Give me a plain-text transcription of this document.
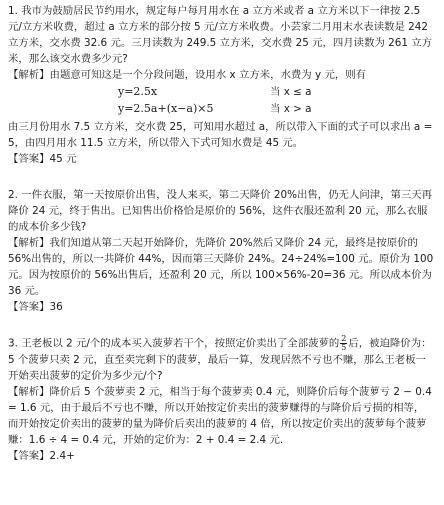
1. 我市为鼓励居民节约用水，规定每户每月用水在 a 立方米或者 a 立方米以下一律按 2.5 元/立方米收费，超过 a 立方米的部分按 5 元/立方米收费。小芸家二月用末水表读数是 242 立方米，交水费 32.6 元。三月读数为 249.5 立方米，交水费 25 元，四月读数为 261 立方米，那么该交水费多少元?

【解析】由题意可知这是一个分段问题，设用水 x 立方米，水费为 y 元，则有

y=2.5x	当 x ≤ a
y=2.5a+(x−a)×5	当 x > a

由三月份用水 7.5 立方米，交水费 25，可知用水超过 a，所以带入下面的式子可以求出 a = 5，由四月用水 11.5 立方米，所以带入下式可知水费是 45 元。

【答案】45 元

2. 一件衣服，第一天按原价出售，没人来买，第二天降价 20%出售，仍无人问津，第三天再降价 24 元，终于售出。已知售出价格恰是原价的 56%，这件衣服还盈利 20 元，那么衣服的成本价多少钱?

【解析】我们知道从第二天起开始降价，先降价 20%然后又降价 24 元，最终是按原价的 56%出售的，所以一共降价 44%，因而第三天降价 24%。24÷24%=100 元。原价为 100 元。因为按原价的 56%出售后，还盈利 20 元，所以 100×56%-20=36 元。所以成本价为 36 元。

【答案】36

3. 王老板以 2 元/个的成本买入菠萝若干个，按照定价卖出了全部菠萝的 $\frac{2}{5}$ 后，被迫降价为：5 个菠萝只卖 2 元，直至卖完剩下的菠萝，最后一算，发现居然不亏也不赚，那么王老板一开始卖出菠萝的定价为多少元/个?

【解析】降价后 5 个菠萝卖 2 元，相当于每个菠萝卖 0.4 元，则降价后每个菠萝亏 2 − 0.4 = 1.6 元，由于最后不亏也不赚，所以开始按定价卖出的菠萝赚得的与降价后亏损的相等，而开始按定价卖出的菠萝的量为降价后卖出的菠萝的 4 倍，所以按定价卖出的菠萝每个菠萝赚：1.6 ÷ 4 = 0.4 元，开始的定价为：2 + 0.4 = 2.4 元.

【答案】2.4+
